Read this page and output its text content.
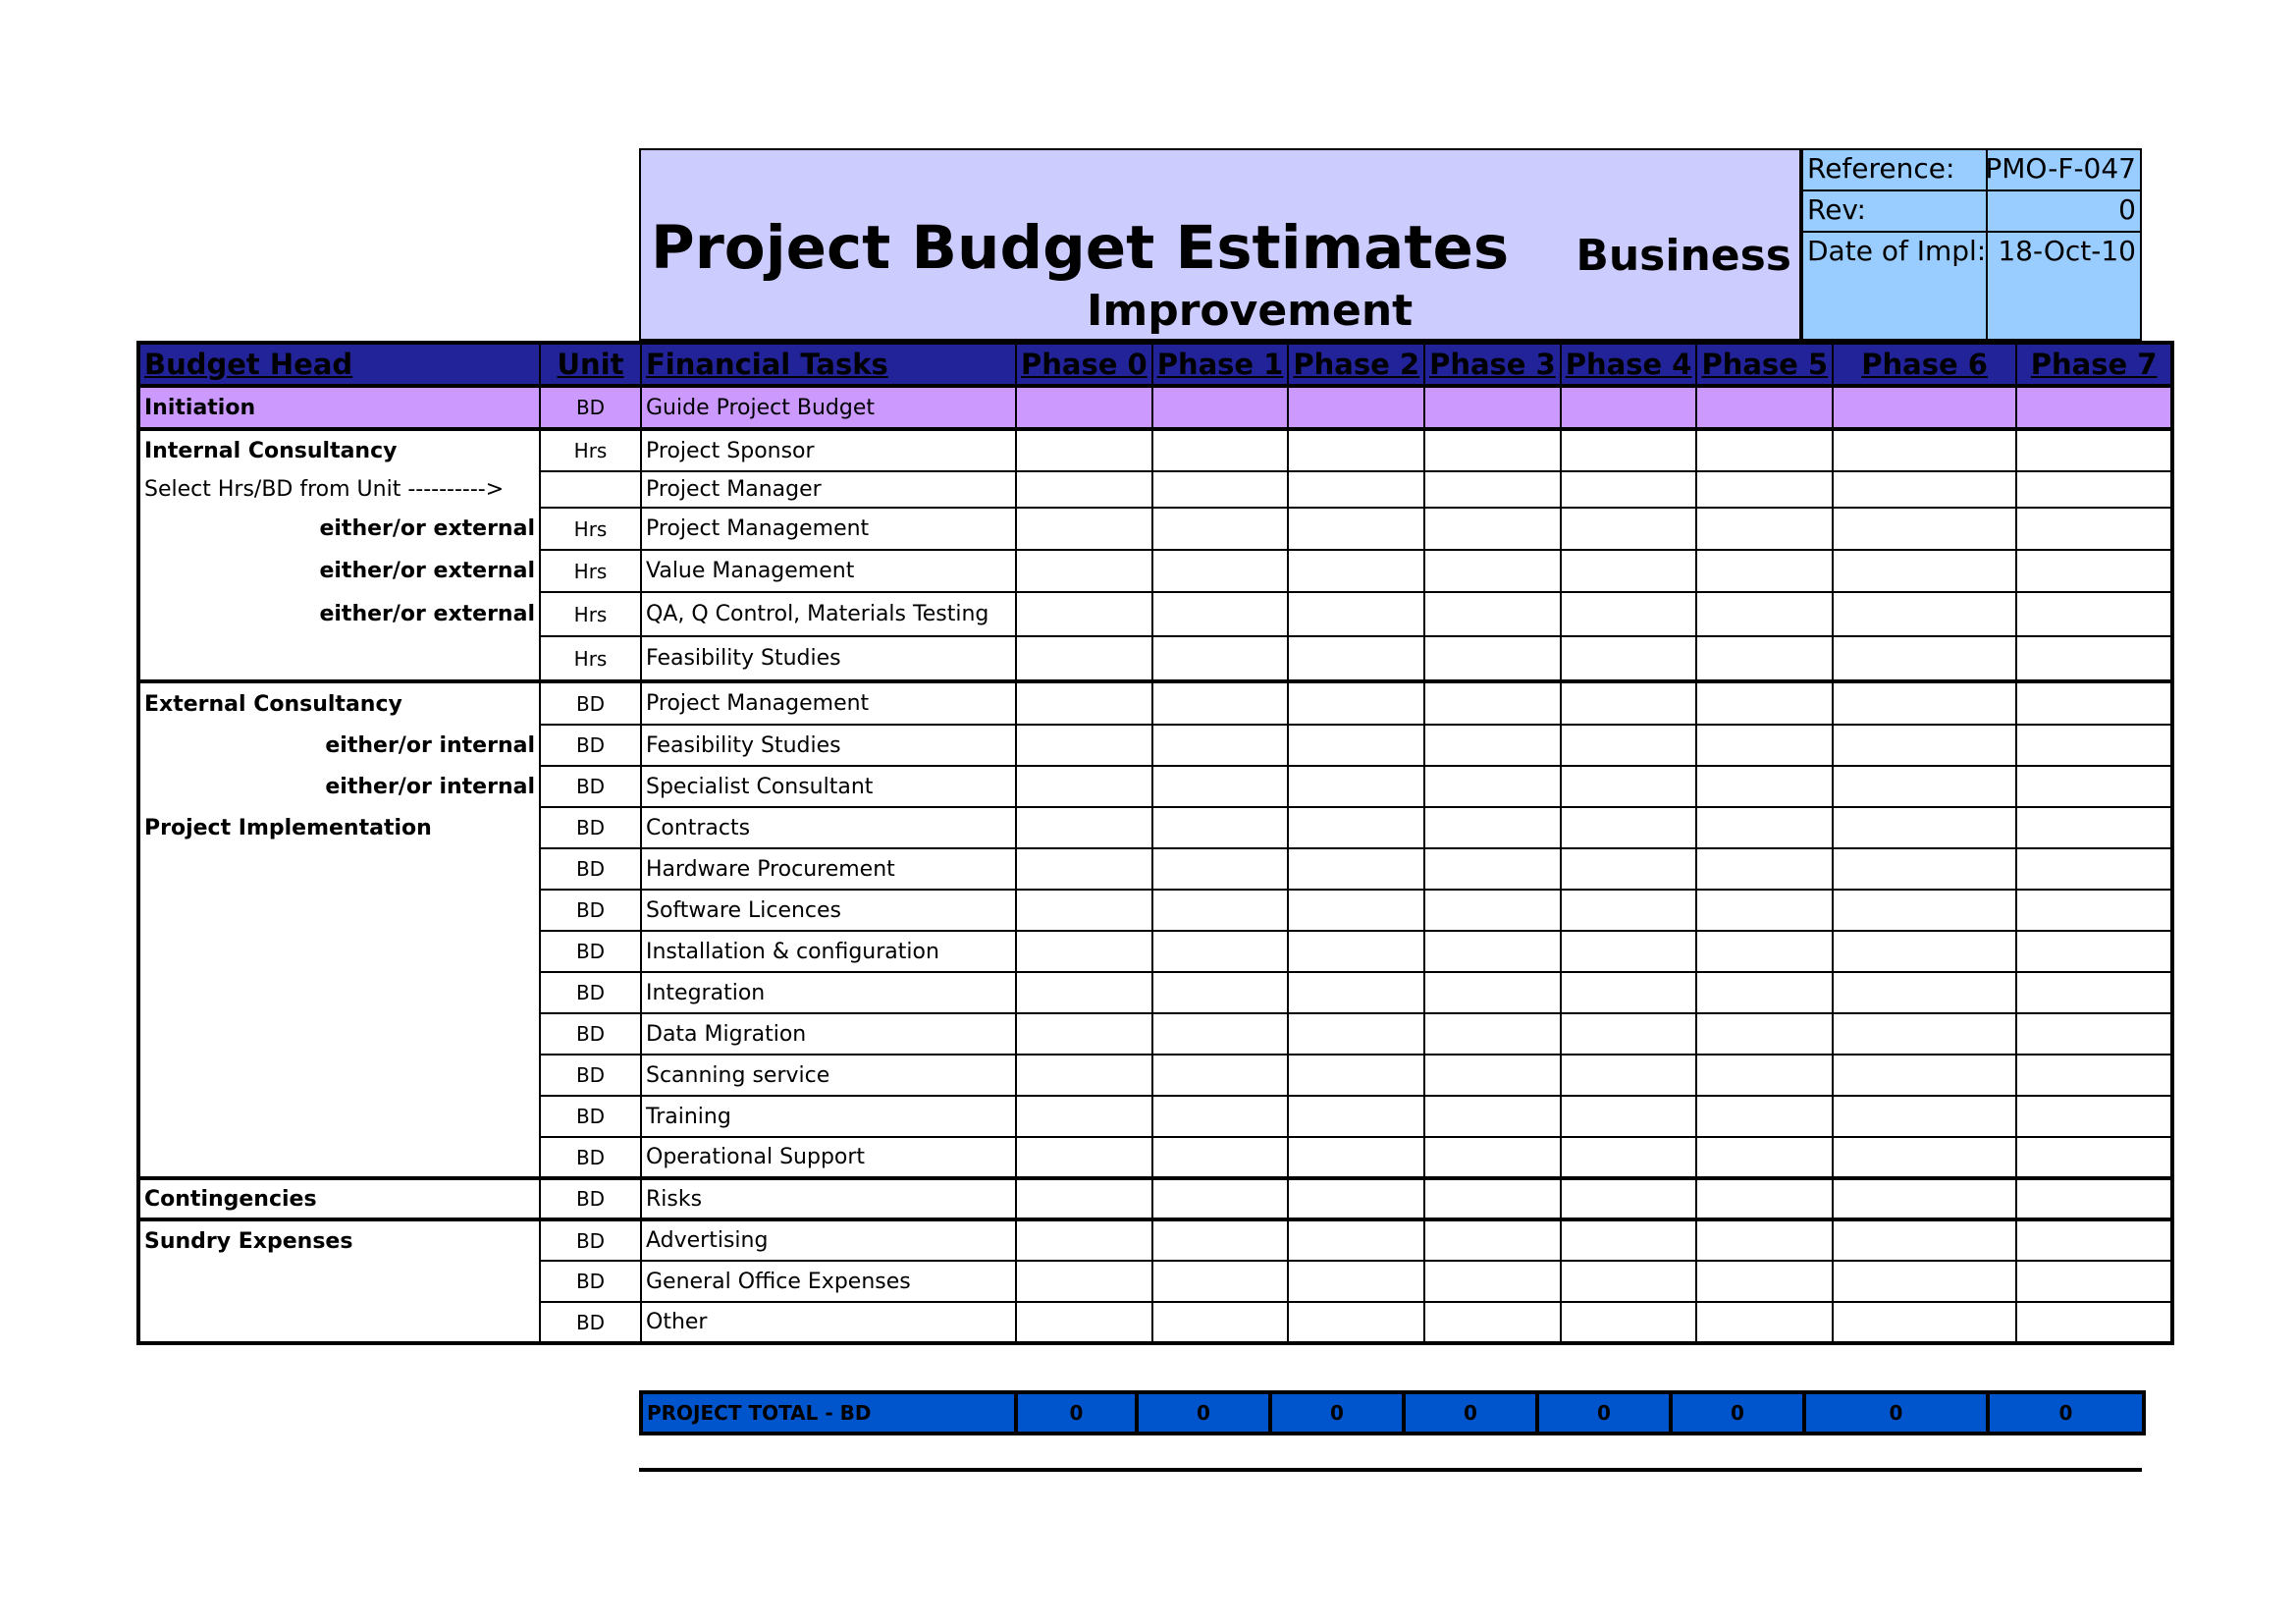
Project Budget Estimates Business
Improvement
Reference: PMO-F-047
Rev:	0
Date of Impl: 18-Oct-10
Budget Head	Unit	Financial Tasks	Phase 0	Phase 1	Phase 2	Phase 3	Phase 4	Phase 5	Phase 6	Phase 7
Initiation	BD	Guide Project Budget								
Internal Consultancy	Hrs	Project Sponsor								
Select Hrs/BD from Unit ---------->		Project Manager								
either/or external	Hrs	Project Management								
either/or external	Hrs	Value Management								
either/or external	Hrs	QA, Q Control, Materials Testing								
	Hrs	Feasibility Studies								
External Consultancy	BD	Project Management								
either/or internal	BD	Feasibility Studies								
either/or internal	BD	Specialist Consultant								
Project Implementation	BD	Contracts								
	BD	Hardware Procurement								
	BD	Software Licences								
	BD	Installation & configuration								
	BD	Integration								
	BD	Data Migration								
	BD	Scanning service								
	BD	Training								
	BD	Operational Support								
Contingencies	BD	Risks								
Sundry Expenses	BD	Advertising								
	BD	General Office Expenses								
	BD	Other								
PROJECT TOTAL - BD	0	0	0	0	0	0	0	0
